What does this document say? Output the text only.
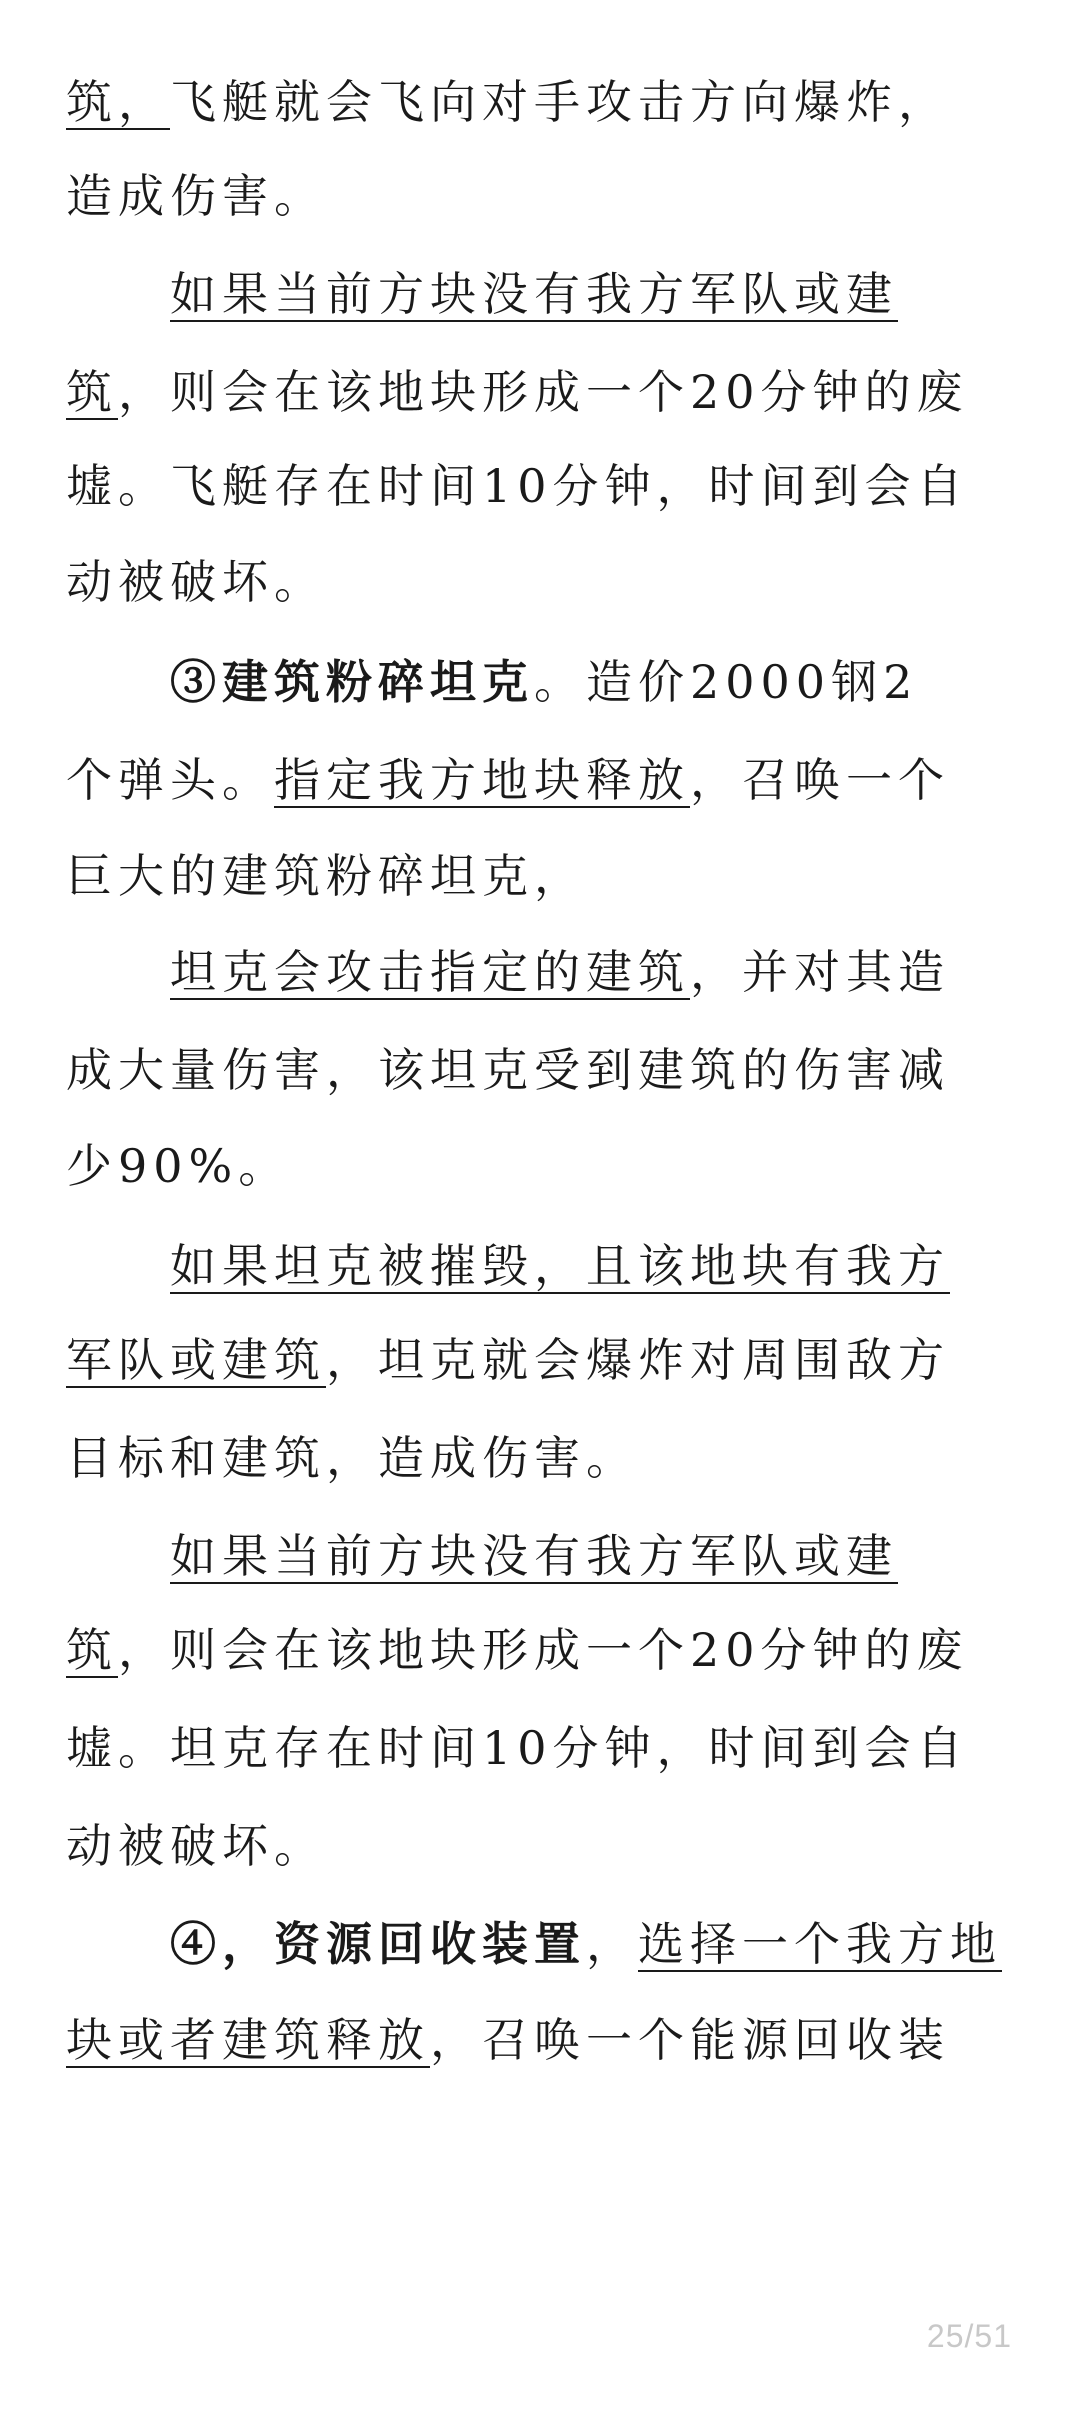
筑，飞艇就会飞向对手攻击方向爆炸，
造成伤害。
　　如果当前方块没有我方军队或建
筑，则会在该地块形成一个20分钟的废
墟。飞艇存在时间10分钟，时间到会自
动被破坏。
　　③建筑粉碎坦克。造价2000钢2
个弹头。指定我方地块释放，召唤一个
巨大的建筑粉碎坦克，
　　坦克会攻击指定的建筑，并对其造
成大量伤害，该坦克受到建筑的伤害减
少90%。
　　如果坦克被摧毁，且该地块有我方
军队或建筑，坦克就会爆炸对周围敌方
目标和建筑，造成伤害。
　　如果当前方块没有我方军队或建
筑，则会在该地块形成一个20分钟的废
墟。坦克存在时间10分钟，时间到会自
动被破坏。
　　④，资源回收装置，选择一个我方地
块或者建筑释放，召唤一个能源回收装
25/51
